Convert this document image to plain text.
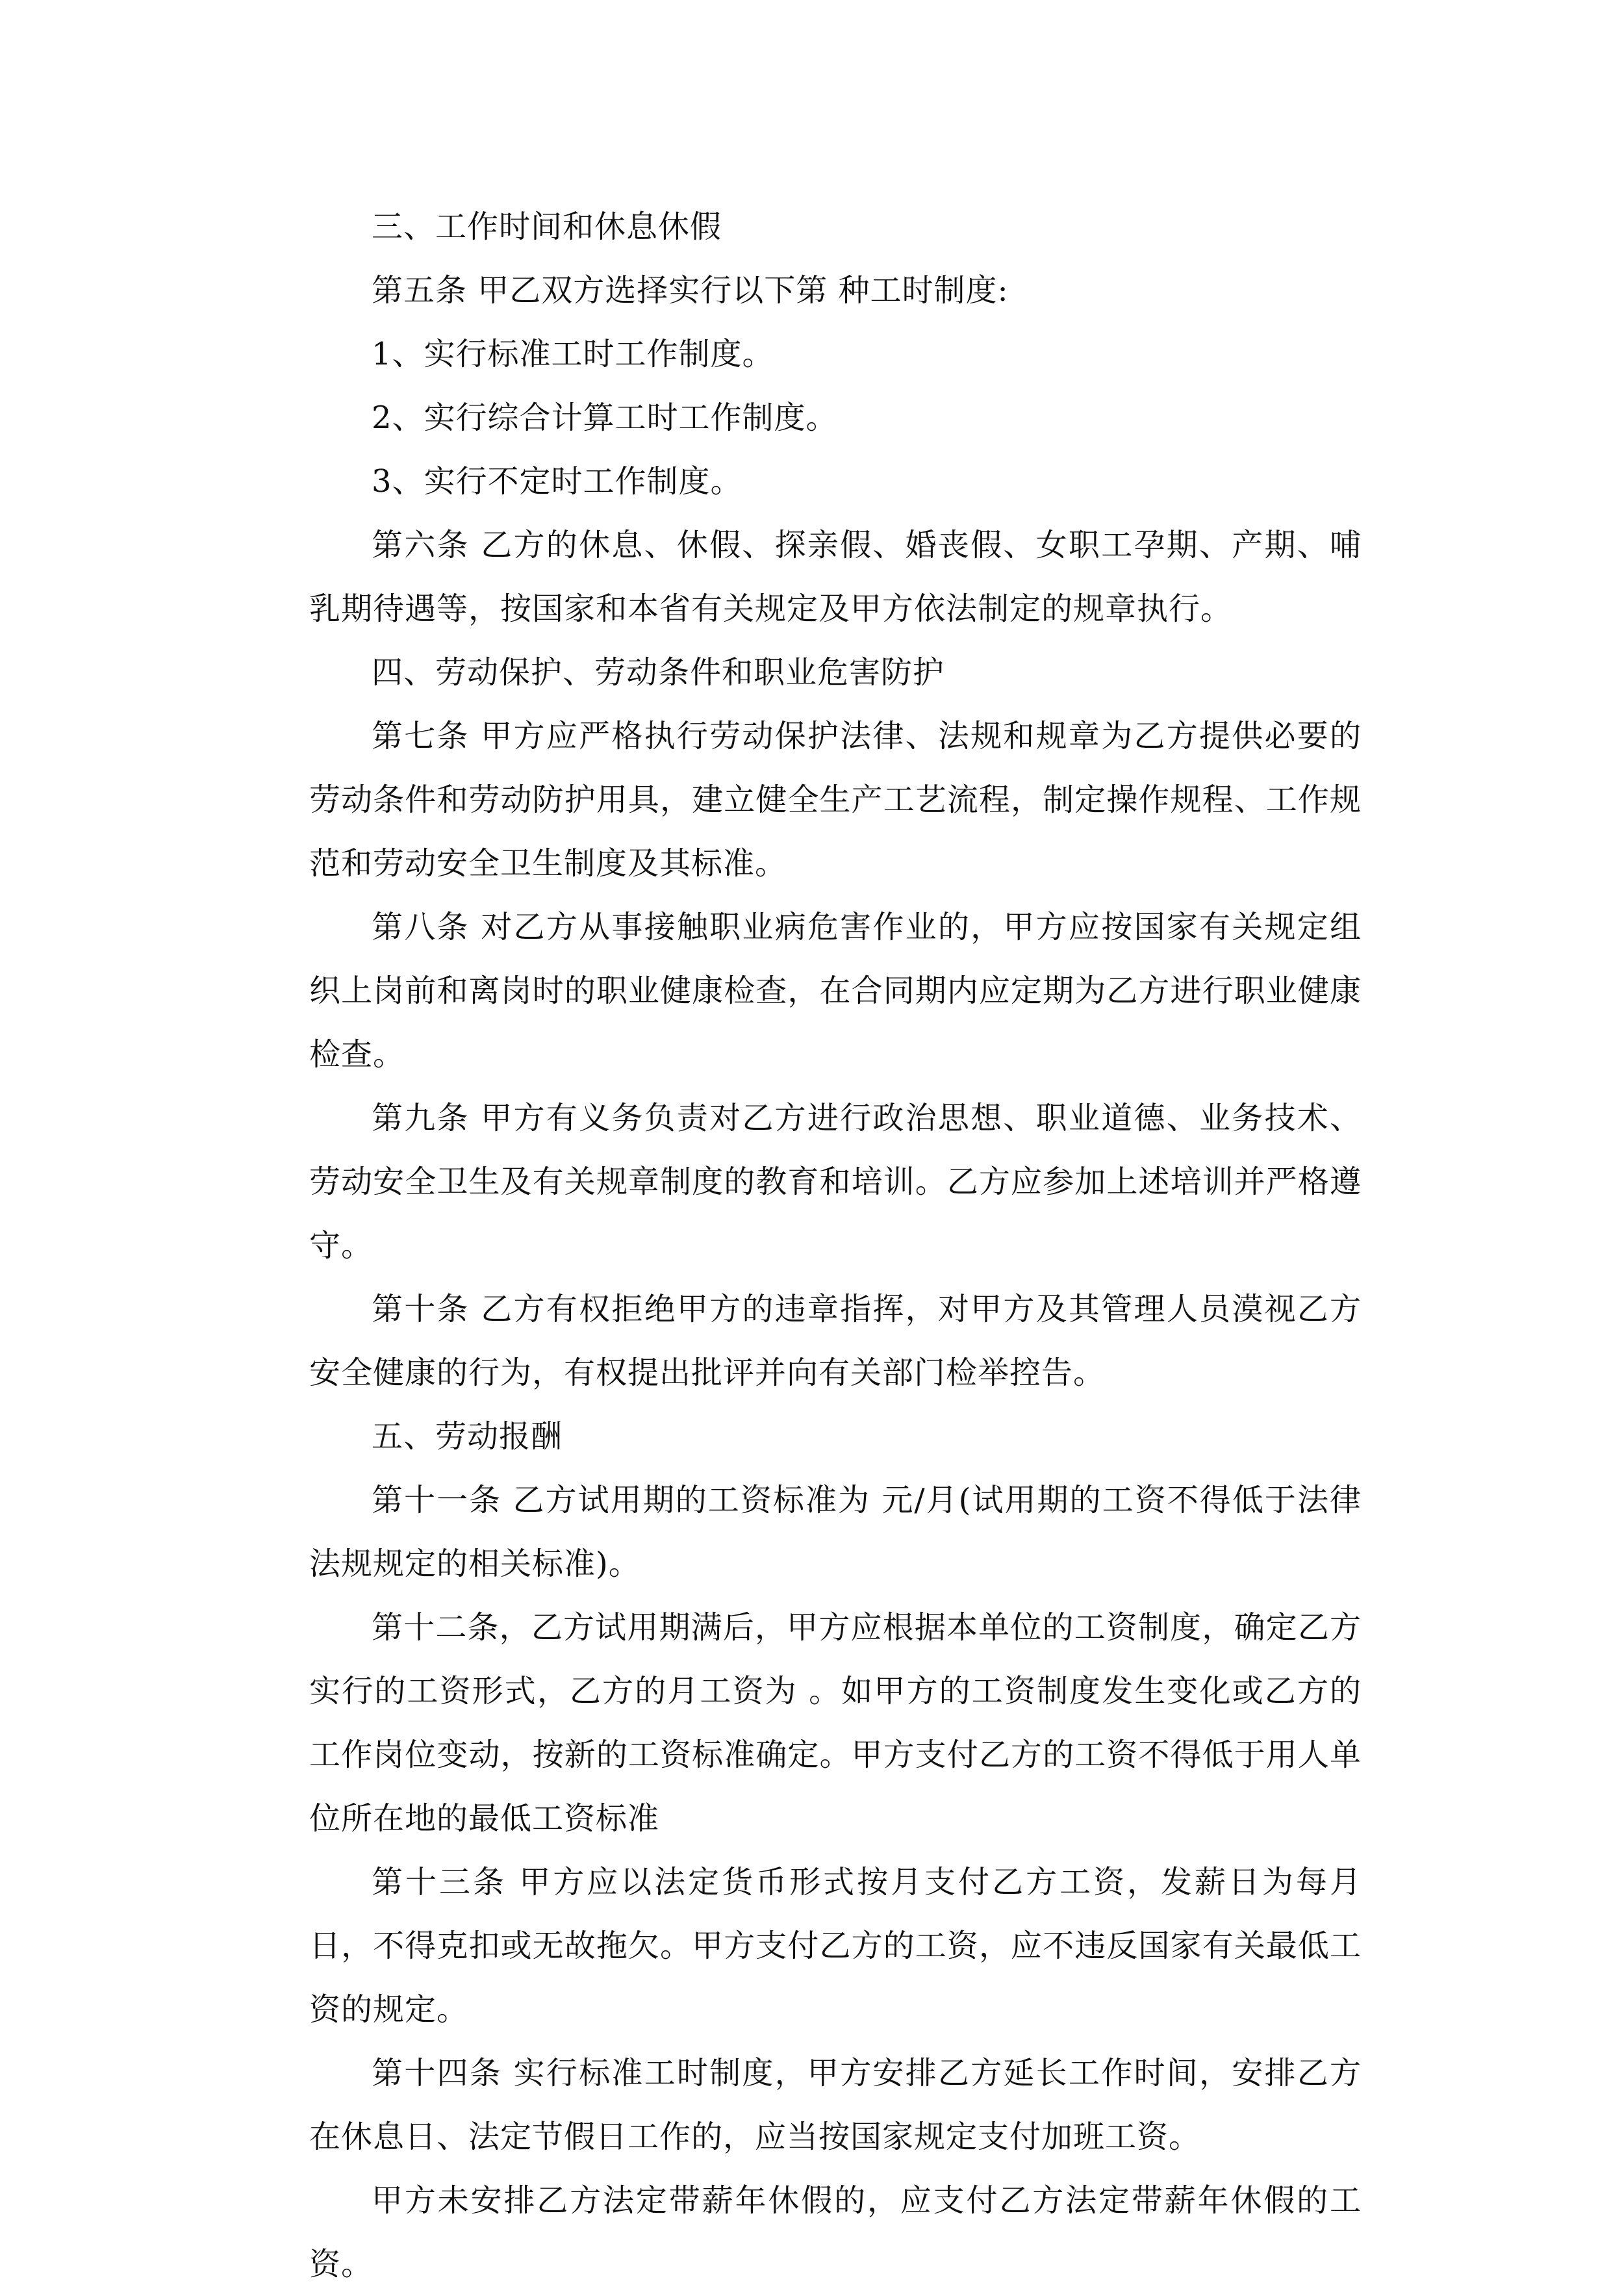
三、工作时间和休息休假

第五条 甲乙双方选择实行以下第 种工时制度:

1、实行标准工时工作制度。

2、实行综合计算工时工作制度。

3、实行不定时工作制度。

第六条 乙方的休息、休假、探亲假、婚丧假、女职工孕期、产期、哺乳期待遇等，按国家和本省有关规定及甲方依法制定的规章执行。

四、劳动保护、劳动条件和职业危害防护

第七条 甲方应严格执行劳动保护法律、法规和规章为乙方提供必要的劳动条件和劳动防护用具，建立健全生产工艺流程，制定操作规程、工作规范和劳动安全卫生制度及其标准。

第八条 对乙方从事接触职业病危害作业的，甲方应按国家有关规定组织上岗前和离岗时的职业健康检查，在合同期内应定期为乙方进行职业健康检查。

第九条 甲方有义务负责对乙方进行政治思想、职业道德、业务技术、劳动安全卫生及有关规章制度的教育和培训。乙方应参加上述培训并严格遵守。

第十条 乙方有权拒绝甲方的违章指挥，对甲方及其管理人员漠视乙方安全健康的行为，有权提出批评并向有关部门检举控告。

五、劳动报酬

第十一条 乙方试用期的工资标准为 元/月(试用期的工资不得低于法律法规规定的相关标准)。

第十二条，乙方试用期满后，甲方应根据本单位的工资制度，确定乙方实行的工资形式，乙方的月工资为 。如甲方的工资制度发生变化或乙方的工作岗位变动，按新的工资标准确定。甲方支付乙方的工资不得低于用人单位所在地的最低工资标准

第十三条 甲方应以法定货币形式按月支付乙方工资，发薪日为每月 日，不得克扣或无故拖欠。甲方支付乙方的工资，应不违反国家有关最低工资的规定。

第十四条 实行标准工时制度，甲方安排乙方延长工作时间，安排乙方在休息日、法定节假日工作的，应当按国家规定支付加班工资。

甲方未安排乙方法定带薪年休假的，应支付乙方法定带薪年休假的工资。
